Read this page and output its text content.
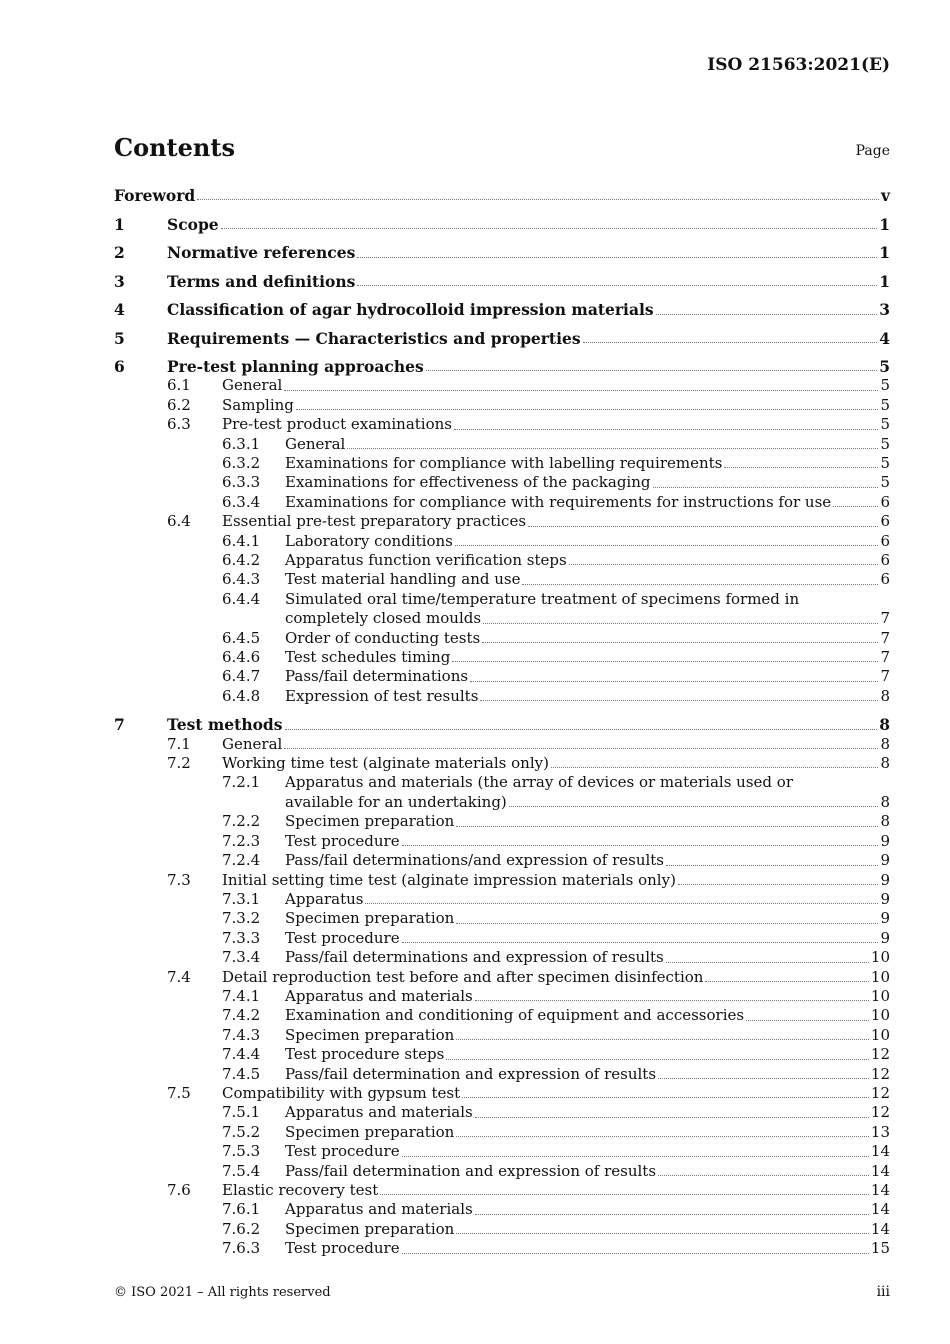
ISO 21563:2021(E)
Contents	Page
Foreword	v
1	Scope	1
2	Normative references	1
3	Terms and definitions	1
4	Classification of agar hydrocolloid impression materials	3
5	Requirements — Characteristics and properties	4
6	Pre-test planning approaches	5
6.1 General	5
6.2 Sampling	5
6.3 Pre-test product examinations	5
6.3.1 General	5
6.3.2 Examinations for compliance with labelling requirements	5
6.3.3 Examinations for effectiveness of the packaging	5
6.3.4 Examinations for compliance with requirements for instructions for use	6
6.4 Essential pre-test preparatory practices	6
6.4.1 Laboratory conditions	6
6.4.2 Apparatus function verification steps	6
6.4.3 Test material handling and use	6
6.4.4 Simulated oral time/temperature treatment of specimens formed in
completely closed moulds	7
6.4.5 Order of conducting tests	7
6.4.6 Test schedules timing	7
6.4.7 Pass/fail determinations	7
6.4.8 Expression of test results	8
7	Test methods	8
7.1 General	8
7.2 Working time test (alginate materials only)	8
7.2.1 Apparatus and materials (the array of devices or materials used or
available for an undertaking)	8
7.2.2 Specimen preparation	8
7.2.3 Test procedure	9
7.2.4 Pass/fail determinations/and expression of results	9
7.3 Initial setting time test (alginate impression materials only)	9
7.3.1 Apparatus	9
7.3.2 Specimen preparation	9
7.3.3 Test procedure	9
7.3.4 Pass/fail determinations and expression of results	10
7.4 Detail reproduction test before and after specimen disinfection	10
7.4.1 Apparatus and materials	10
7.4.2 Examination and conditioning of equipment and accessories	10
7.4.3 Specimen preparation	10
7.4.4 Test procedure steps	12
7.4.5 Pass/fail determination and expression of results	12
7.5 Compatibility with gypsum test	12
7.5.1 Apparatus and materials	12
7.5.2 Specimen preparation	13
7.5.3 Test procedure	14
7.5.4 Pass/fail determination and expression of results	14
7.6 Elastic recovery test	14
7.6.1 Apparatus and materials	14
7.6.2 Specimen preparation	14
7.6.3 Test procedure	15
© ISO 2021 – All rights reserved	iii
